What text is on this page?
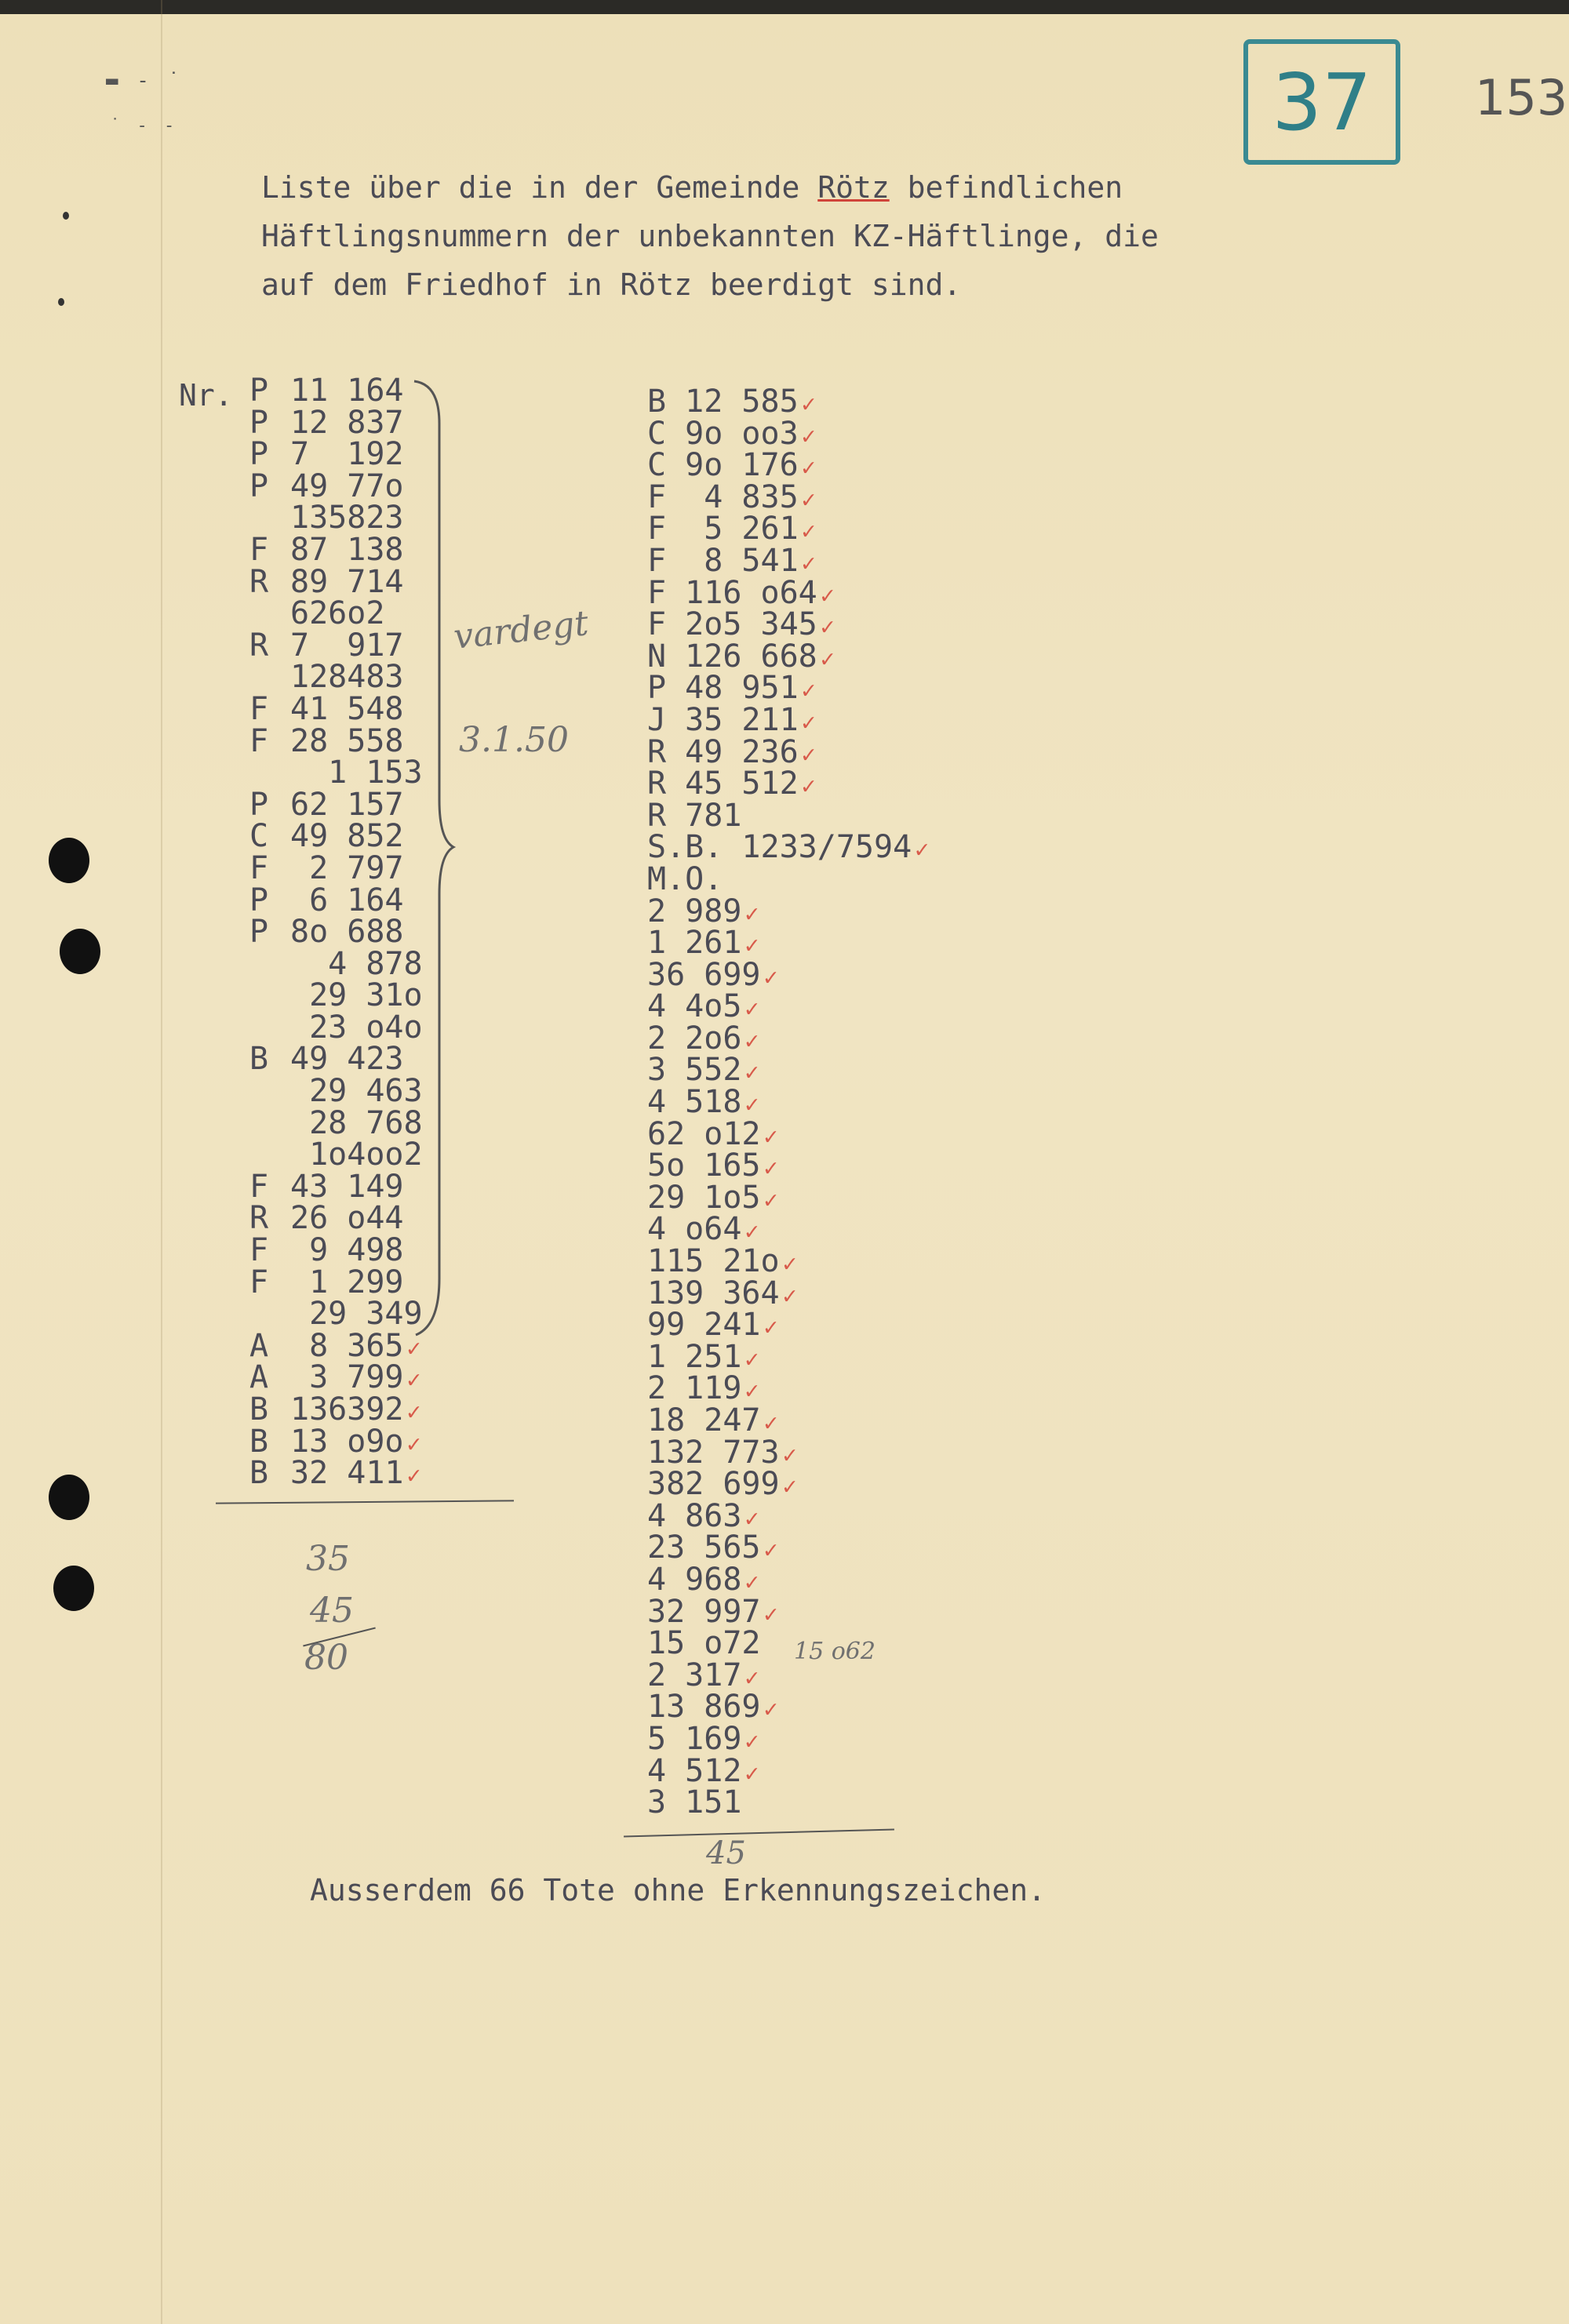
▬ ‐ ˙
˙ ‐ ‐	37 153
Liste über die in der Gemeinde Rötz befindlichen
Häftlingsnummern der unbekannten KZ-Häftlinge, die
auf dem Friedhof in Rötz beerdigt sind.
Nr. P 11 164
P 12 837
P 7  192
P 49 77o
135823
F 87 138
R 89 714
626o2
R 7  917
128483
F 41 548
F 28 558
1 153
P 62 157
C 49 852
F 2 797
P 6 164
P 8o 688
4 878
29 31o
23 o4o
B 49 423
29 463
28 768
1o4oo2
F 43 149
R 26 o44
F 9 498
F 1 299
29 349
A 8 365 ✓
A 3 799 ✓
B 136392 ✓
B 13 o9o ✓
B 32 411 ✓
B 12 585 ✓
C 9o oo3 ✓
C 9o 176 ✓
F  4 835 ✓
F  5 261 ✓
F  8 541 ✓
F 116 o64 ✓
F 2o5 345 ✓
N 126 668 ✓
P 48 951 ✓
J 35 211 ✓
R 49 236 ✓
R 45 512 ✓
R 781
S.B. 1233/7594 ✓
M.O.
2 989 ✓
1 261 ✓
36 699 ✓
4 4o5 ✓
2 2o6 ✓
3 552 ✓
4 518 ✓
62 o12 ✓
5o 165 ✓
29 1o5 ✓
4 o64 ✓
115 21o ✓
139 364 ✓
99 241 ✓
1 251 ✓
2 119 ✓
18 247 ✓
132 773 ✓
382 699 ✓
4 863 ✓
23 565 ✓
4 968 ✓
32 997 ✓
15 o72
2 317 ✓
13 869 ✓
5 169 ✓
4 512 ✓
3 151
vardegt
3.1.50
15 o62
35
45
80
45
Ausserdem 66 Tote ohne Erkennungszeichen.
